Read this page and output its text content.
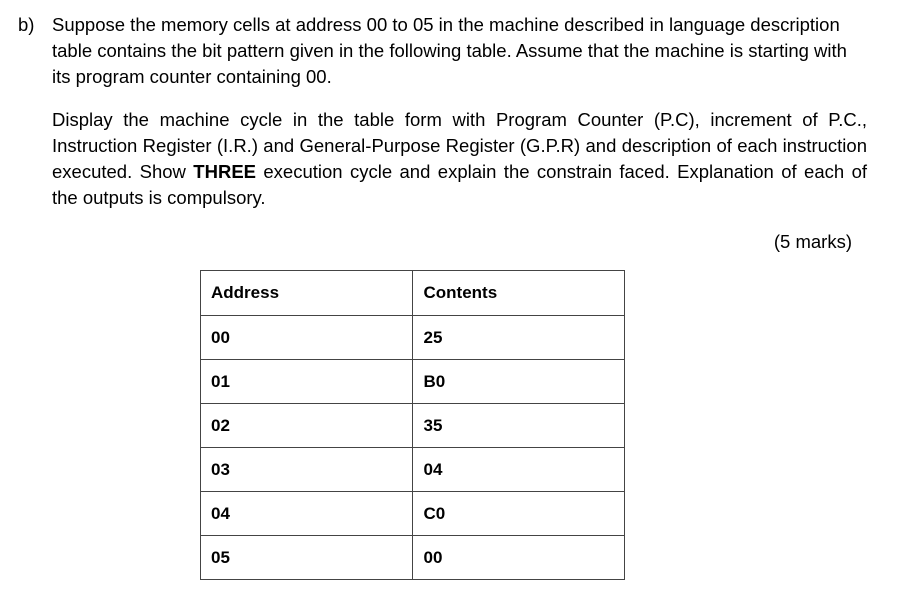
b) Suppose the memory cells at address 00 to 05 in the machine described in language description table contains the bit pattern given in the following table. Assume that the machine is starting with its program counter containing 00.
Display the machine cycle in the table form with Program Counter (P.C), increment of P.C., Instruction Register (I.R.) and General-Purpose Register (G.P.R) and description of each instruction executed. Show THREE execution cycle and explain the constrain faced. Explanation of each of the outputs is compulsory.
(5 marks)
Address	Contents
00	25
01	B0
02	35
03	04
04	C0
05	00
